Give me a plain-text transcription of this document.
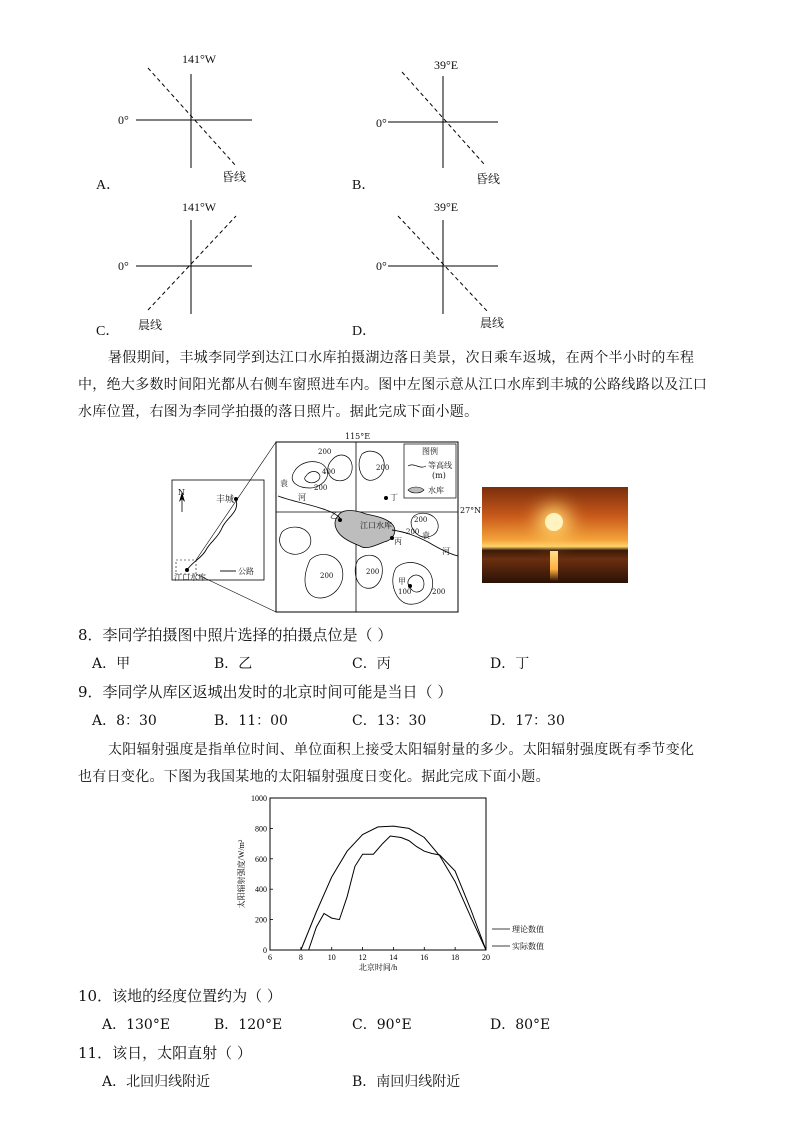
141°W
0°
昏线
A．
39°E
0°
昏线
B．
141°W
0°
晨线
C．
39°E
0°
晨线
D．
暑假期间，丰城李同学到达江口水库拍摄湖边落日美景，次日乘车返城，在两个半小时的车程
中，绝大多数时间阳光都从右侧车窗照进车内。图中左图示意从江口水库到丰城的公路线路以及江口
水库位置，右图为李同学拍摄的落日照片。据此完成下面小题。
N
丰城
江口水库
公路
115°E
27°N
图例
等高线
(m)
水库
袁
河
袁
河
江口水库
甲
乙
丙
丁
200
400
200
200
200
200
200	200
200
100
8．李同学拍摄图中照片选择的拍摄点位是（ ）
A．甲	B．乙	C．丙	D．丁
9．李同学从库区返城出发时的北京时间可能是当日（ ）
A．8：30	B．11：00	C．13：30	D．17：30
太阳辐射强度是指单位时间、单位面积上接受太阳辐射量的多少。太阳辐射强度既有季节变化
也有日变化。下图为我国某地的太阳辐射强度日变化。据此完成下面小题。
6	8	10	12	14	16	18	20
0
200
400
600
800
1000
北京时间/h
太阳辐射强度/W/m²
理论数值
实际数值
10．该地的经度位置约为（ ）
A．130°E	B．120°E	C．90°E	D．80°E
11．该日，太阳直射（ ）
A．北回归线附近	B．南回归线附近
